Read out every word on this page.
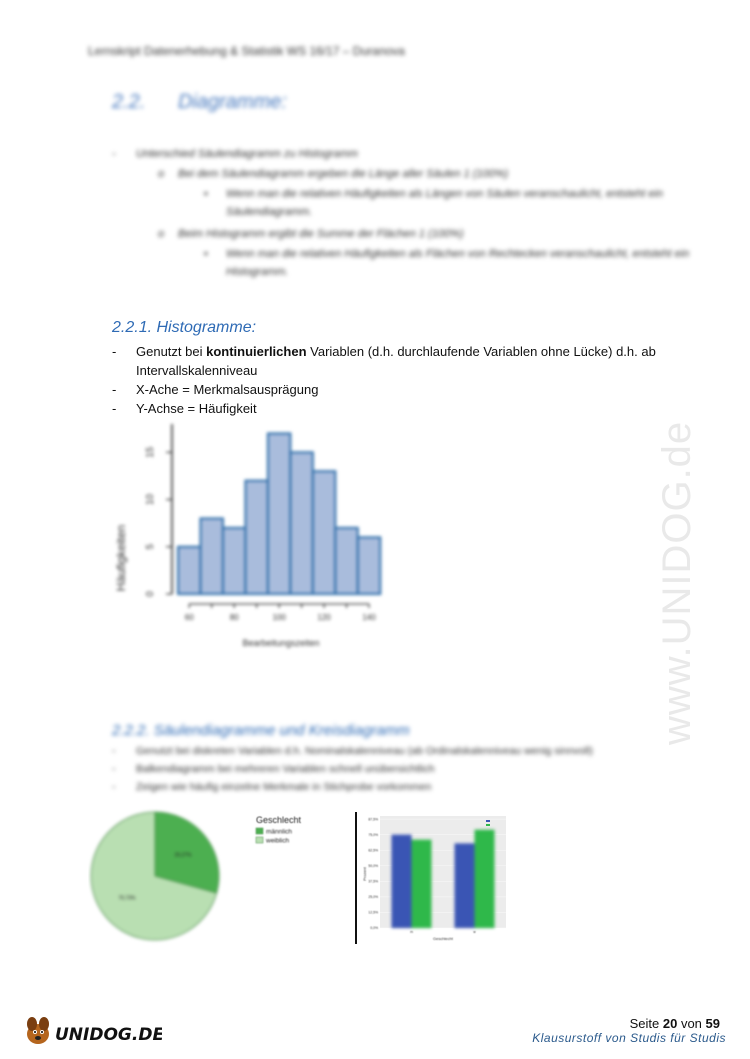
Lernskript Datenerhebung & Statistik WS 16/17 – Duranova
2.2. Diagramme:
- Unterschied Säulendiagramm zu Histogramm
o Bei dem Säulendiagramm ergeben die Länge aller Säulen 1 (100%)
▪ Wenn man die relativen Häufigkeiten als Längen von Säulen veranschaulicht, entsteht ein Säulendiagramm.
o Beim Histogramm ergibt die Summe der Flächen 1 (100%)
▪ Wenn man die relativen Häufigkeiten als Flächen von Rechtecken veranschaulicht, entsteht ein Histogramm.
www.UNIDOG.de
2.2.1. Histogramme:
- Genutzt bei kontinuierlichen Variablen (d.h. durchlaufende Variablen ohne Lücke) d.h. ab Intervallskalenniveau
- X-Ache = Merkmalsausprägung
- Y-Achse = Häufigkeit
0
5
10
15
60	80	100	120	140
Häufigkeiten
Bearbeitungszeiten
2.2.2. Säulendiagramme und Kreisdiagramm
- Genutzt bei diskreten Variablen d.h. Nominalskalenniveau (ab Ordinalskalenniveau wenig sinnvoll)
- Balkendiagramm bei mehreren Variablen schnell unübersichtlich
- Zeigen wie häufig einzelne Merkmale in Stichprobe vorkommen
29,27%
70,73%
Geschlecht
männlich
weiblich
0,0%
12,5%
25,0%
37,5%
50,0%
62,5%
75,0%
87,5%
m	w
Prozent
Geschlecht
UNIDOG.DE
Seite 20 von 59
Klausurstoff von Studis für Studis
